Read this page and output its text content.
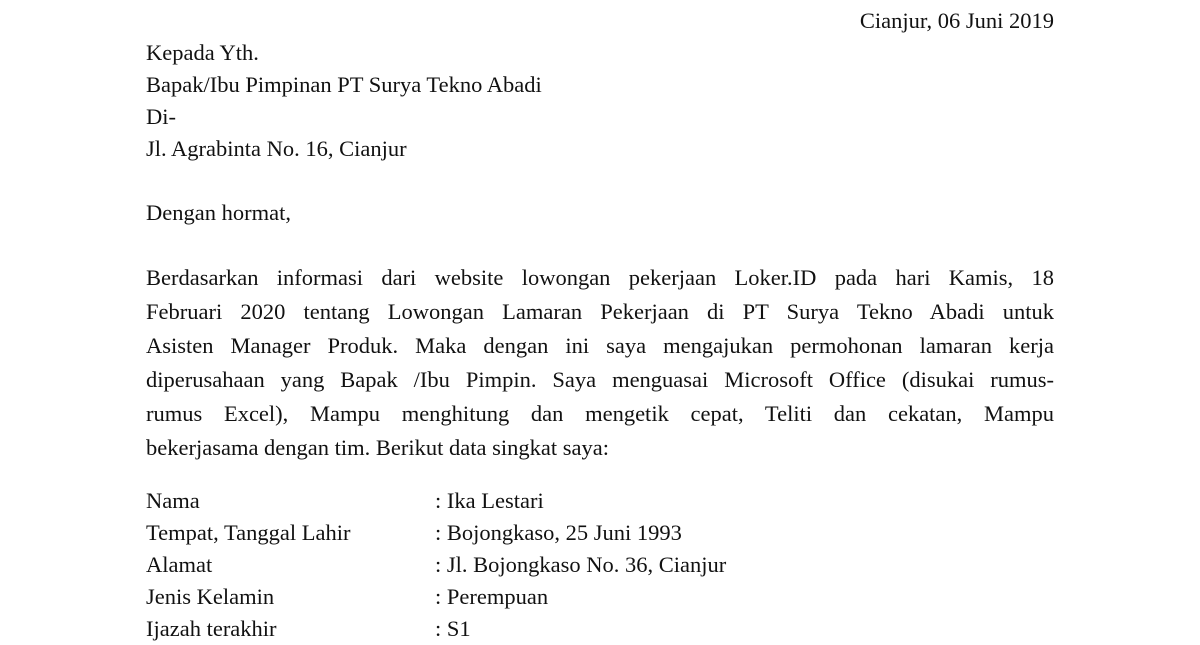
Cianjur, 06 Juni 2019
Kepada Yth.
Bapak/Ibu Pimpinan PT Surya Tekno Abadi
Di-
Jl. Agrabinta No. 16, Cianjur
Dengan hormat,
Berdasarkan informasi dari website lowongan pekerjaan Loker.ID pada hari Kamis, 18
Februari 2020 tentang Lowongan Lamaran Pekerjaan di PT Surya Tekno Abadi untuk
Asisten Manager Produk. Maka dengan ini saya mengajukan permohonan lamaran kerja
diperusahaan yang Bapak /Ibu Pimpin. Saya menguasai Microsoft Office (disukai rumus-
rumus Excel), Mampu menghitung dan mengetik cepat, Teliti dan cekatan, Mampu
bekerjasama dengan tim. Berikut data singkat saya:
Nama	: Ika Lestari
Tempat, Tanggal Lahir	: Bojongkaso, 25 Juni 1993
Alamat	: Jl. Bojongkaso No. 36, Cianjur
Jenis Kelamin	: Perempuan
Ijazah terakhir	: S1
